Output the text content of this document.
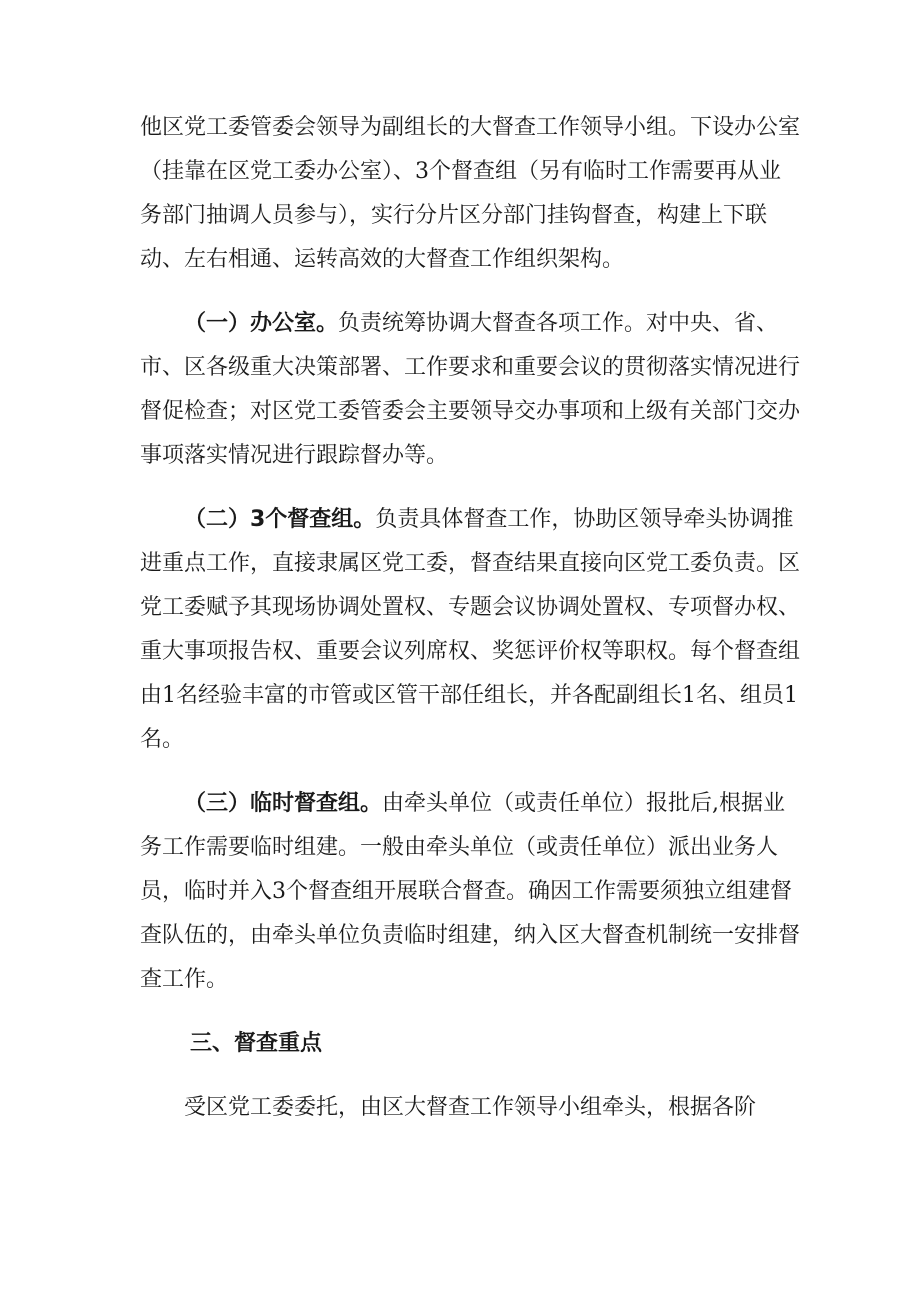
他区党工委管委会领导为副组长的大督查工作领导小组。下设办公室（挂靠在区党工委办公室）、3个督查组（另有临时工作需要再从业务部门抽调人员参与），实行分片区分部门挂钩督查，构建上下联动、左右相通、运转高效的大督查工作组织架构。

（一）办公室。负责统筹协调大督查各项工作。对中央、省、市、区各级重大决策部署、工作要求和重要会议的贯彻落实情况进行督促检查；对区党工委管委会主要领导交办事项和上级有关部门交办事项落实情况进行跟踪督办等。

（二）3个督查组。负责具体督查工作，协助区领导牵头协调推进重点工作，直接隶属区党工委，督查结果直接向区党工委负责。区党工委赋予其现场协调处置权、专题会议协调处置权、专项督办权、重大事项报告权、重要会议列席权、奖惩评价权等职权。每个督查组由1名经验丰富的市管或区管干部任组长，并各配副组长1名、组员1名。

（三）临时督查组。由牵头单位（或责任单位）报批后,根据业务工作需要临时组建。一般由牵头单位（或责任单位）派出业务人员，临时并入3个督查组开展联合督查。确因工作需要须独立组建督查队伍的，由牵头单位负责临时组建，纳入区大督查机制统一安排督查工作。

三、督查重点

受区党工委委托，由区大督查工作领导小组牵头，根据各阶
